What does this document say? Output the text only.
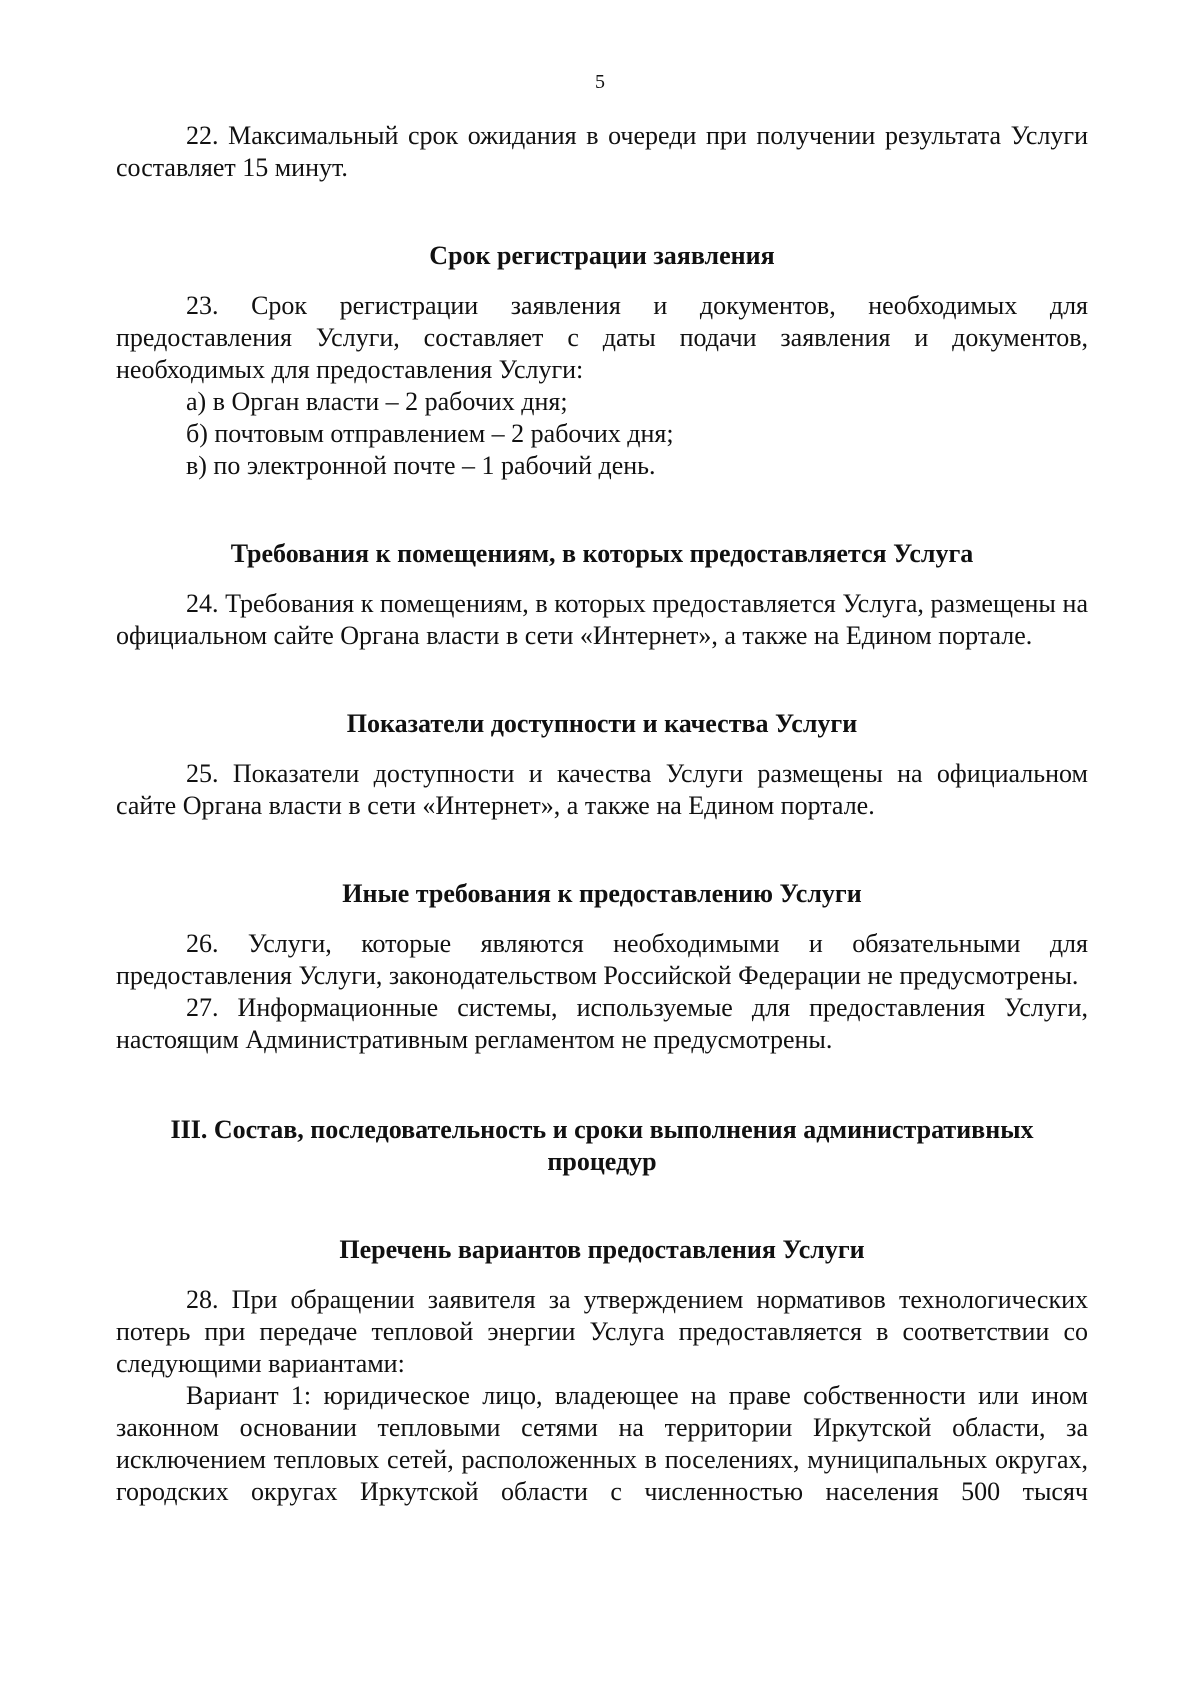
5

22. Максимальный срок ожидания в очереди при получении результата Услуги составляет 15 минут.

Срок регистрации заявления

23. Срок регистрации заявления и документов, необходимых для предоставления Услуги, составляет с даты подачи заявления и документов, необходимых для предоставления Услуги:

а) в Орган власти – 2 рабочих дня;

б) почтовым отправлением – 2 рабочих дня;

в) по электронной почте – 1 рабочий день.

Требования к помещениям, в которых предоставляется Услуга

24. Требования к помещениям, в которых предоставляется Услуга, размещены на официальном сайте Органа власти в сети «Интернет», а также на Едином портале.

Показатели доступности и качества Услуги

25. Показатели доступности и качества Услуги размещены на официальном сайте Органа власти в сети «Интернет», а также на Едином портале.

Иные требования к предоставлению Услуги

26. Услуги, которые являются необходимыми и обязательными для предоставления Услуги, законодательством Российской Федерации не предусмотрены.

27. Информационные системы, используемые для предоставления Услуги, настоящим Административным регламентом не предусмотрены.

III. Состав, последовательность и сроки выполнения административных

процедур

Перечень вариантов предоставления Услуги

28. При обращении заявителя за утверждением нормативов технологических потерь при передаче тепловой энергии Услуга предоставляется в соответствии со следующими вариантами:

Вариант 1: юридическое лицо, владеющее на праве собственности или ином законном основании тепловыми сетями на территории Иркутской области, за исключением тепловых сетей, расположенных в поселениях, муниципальных округах, городских округах Иркутской области с численностью населения 500 тысяч
